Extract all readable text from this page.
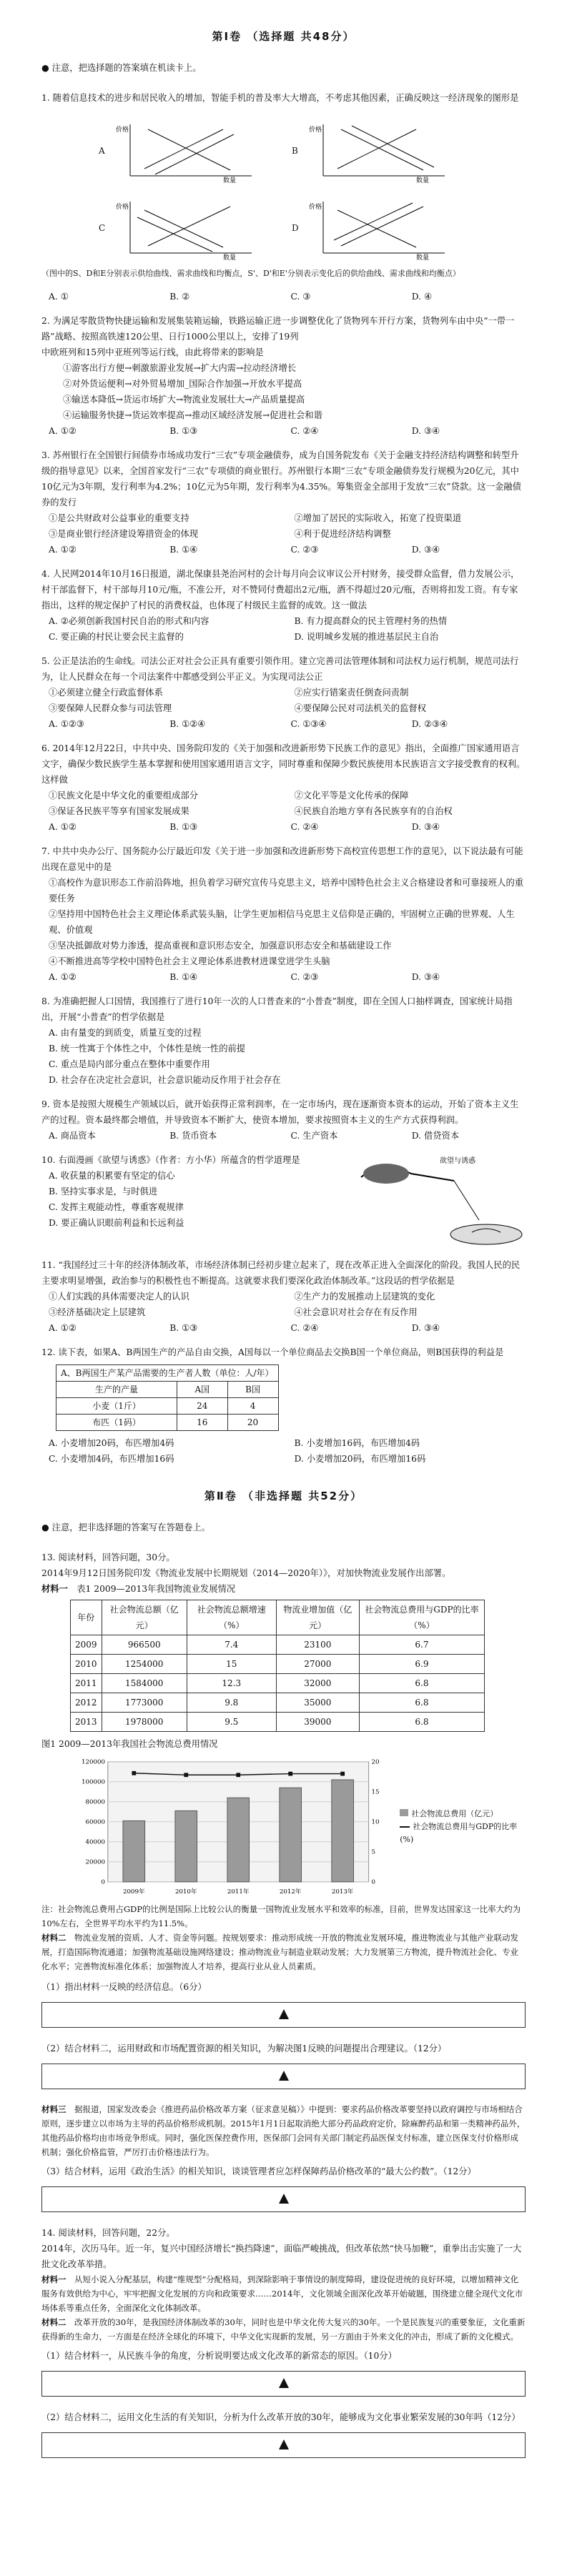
第Ⅰ卷 （选择题 共48分）
● 注意，把选择题的答案填在机读卡上。
1. 随着信息技术的进步和居民收入的增加，智能手机的普及率大大增高，不考虑其他因素，正确反映这一经济现象的图形是
A
价格
数量
B
价格
数量
C
价格
数量
D
价格
数量
（图中的S、D和E分别表示供给曲线、需求曲线和均衡点，S'、D'和E'分别表示变化后的供给曲线、需求曲线和均衡点）
A. ①	B. ②	C. ③	D. ④
2. 为满足零散货物快捷运输和发展集装箱运输，铁路运输正进一步调整优化了货物列车开行方案，货物列车由中央“一带一路”战略、按照高铁速120公里、日行1000公里以上，安排了19列
中欧班列和15列中亚班列等运行线，由此将带来的影响是
①游客出行方便→刺激旅游业发展→扩大内需→拉动经济增长
②对外货运便利→对外贸易增加_国际合作加强→开放水平提高
③输送本降低→货运市场扩大→物流业发展壮大→产品质量提高
④运输服务快捷→货运效率提高→推动区域经济发展→促进社会和谐
A. ①②	B. ①③	C. ②④	D. ③④
3. 苏州银行在全国银行间债券市场成功发行“三农”专项金融债券，成为自国务院发布《关于金融支持经济结构调整和转型升级的指导意见》以来，全国首家发行“三农”专项债的商业银行。苏州银行本期“三农”专项金融债券发行规模为20亿元，其中10亿元为3年期，发行利率为4.2%；10亿元为5年期，发行利率为4.35%。筹集资金全部用于发放“三农”贷款。这一金融债券的发行
①是公共财政对公益事业的重要支持	②增加了居民的实际收入，拓宽了投资渠道
③是商业银行经济建设筹措资金的体现	④利于促进经济结构调整
A. ①②	B. ①④	C. ②③	D. ③④
4. 人民网2014年10月16日报道，湖北保康县尧治河村的会计每月向会议审议公开村财务，接受群众监督，借力发展公示，村干部监督下，村干部每月10元/瓶，不准公开，对不赞同付费超出2元/瓶，酒不得超过20元/瓶，否则将扣发工资。有专家指出，这样的规定保护了村民的消费权益，也体现了村级民主监督的成效。这一做法
A. ②必须创新我国村民自治的形式和内容	B. 有力提高群众的民主管理村务的热情
C. 要正确的村民让要会民主监督的	D. 说明城乡发展的推进基层民主自治
5. 公正是法治的生命线。司法公正对社会公正具有重要引领作用。建立完善司法管理体制和司法权力运行机制，规范司法行为，让人民群众在每一个司法案件中都感受到公平正义。为实现司法公正
①必须建立健全行政监督体系	②应实行错案责任倒查问责制
③要保障人民群众参与司法管理	④要保障公民对司法机关的监督权
A. ①②③	B. ①②④	C. ①③④	D. ②③④
6. 2014年12月22日，中共中央、国务院印发的《关于加强和改进新形势下民族工作的意见》指出，全面推广国家通用语言文字，确保少数民族学生基本掌握和使用国家通用语言文字，同时尊重和保障少数民族使用本民族语言文字接受教育的权利。这样做
①民族文化是中华文化的重要组成部分	②文化平等是文化传承的保障
③保证各民族平等享有国家发展成果	④民族自治地方享有各民族享有的自治权
A. ①②	B. ①③	C. ②④	D. ③④
7. 中共中央办公厅、国务院办公厅最近印发《关于进一步加强和改进新形势下高校宣传思想工作的意见》，以下说法最有可能出现在意见中的是
①高校作为意识形态工作前沿阵地，担负着学习研究宣传马克思主义，培养中国特色社会主义合格建设者和可靠接班人的重要任务
②坚持用中国特色社会主义理论体系武装头脑，让学生更加相信马克思主义信仰是正确的，牢固树立正确的世界观、人生观、价值观
③坚决抵御敌对势力渗透，提高重视和意识形态安全，加强意识形态安全和基础建设工作
④不断推进高等学校中国特色社会主义理论体系进教材进课堂进学生头脑
A. ①②	B. ①④	C. ②③	D. ③④
8. 为准确把握人口国情，我国推行了进行10年一次的人口普查来的“小普查”制度，即在全国人口抽样调查，国家统计局指出，开展“小普查”的哲学依据是
A. 由有量变的到质变，质量互变的过程
B. 统一性寓于个体性之中，个体性是统一性的前提
C. 重点是局内部分重点在整体中重要作用
D. 社会存在决定社会意识，社会意识能动反作用于社会存在
9. 资本是按照大规模生产领域以后，就开始获得正常利润率，在一定市场内，现在逐渐资本资本的运动，开始了资本主义生产的过程。资本最终都会增值，并导致资本不断扩大，使资本增加，要求按照资本主义的生产方式获得利润。
A. 商品资本	B. 货币资本	C. 生产资本	D. 借贷资本
10. 右面漫画《欲望与诱惑》（作者：方小华）所蕴含的哲学道理是
A. 收获量的积累要有坚定的信心
B. 坚持实事求是，与时俱进
C. 发挥主观能动性，尊重客观规律
D. 要正确认识眼前利益和长远利益
欲望与诱惑
11. “我国经过三十年的经济体制改革，市场经济体制已经初步建立起来了，现在改革正进入全面深化的阶段。我国人民的民主要求明显增强，政治参与的积极性也不断提高。这就要求我们要深化政治体制改革。”这段话的哲学依据是
①人们实践的具体需要决定人的认识	②生产力的发展推动上层建筑的变化
③经济基础决定上层建筑	④社会意识对社会存在有反作用
A. ①②	B. ①③	C. ②④	D. ③④
12. 读下表，如果A、B两国生产的产品自由交换，A国每以一个单位商品去交换B国一个单位商品，则B国获得的利益是
A、B两国生产某产品需要的生产者人数（单位：人/年）		
生产的产量	A国	B国
小麦（1斤）	24	4
布匹（1码）	16	20
A. 小麦增加20码，布匹增加4码	B. 小麦增加16码，布匹增加4码
C. 小麦增加4码，布匹增加16码	D. 小麦增加20码，布匹增加16码
第Ⅱ卷 （非选择题 共52分）
● 注意，把非选择题的答案写在答题卷上。
13. 阅读材料，回答问题，30分。
2014年9月12日国务院印发《物流业发展中长期规划（2014—2020年）》，对加快物流业发展作出部署。
材料一　 表1 2009—2013年我国物流业发展情况
年份	社会物流总额（亿元）	社会物流总额增速（%）	物流业增加值（亿元）	社会物流总费用与GDP的比率（%）
2009	966500	7.4	23100	6.7
2010	1254000	15	27000	6.9
2011	1584000	12.3	32000	6.8
2012	1773000	9.8	35000	6.8
2013	1978000	9.5	39000	6.8
图1 2009—2013年我国社会物流总费用情况
0
20000
40000
60000
80000
100000
120000
0
5
10
15
20
2009年	2010年	2011年	2012年	2013年
社会物流总费用（亿元）
社会物流总费用与GDP的比率(%)
注：社会物流总费用占GDP的比例是国际上比较公认的衡量一国物流业发展水平和效率的标准，目前，世界发达国家这一比率大约为10%左右，全世界平均水平约为11.5%。
材料二　 物流业发展的资质、人才、资金等问题。按规划要求：推动形成统一开放的物流业发展环境，推进物流业与其他产业联动发展，打造国际物流通道；加强物流基础设施网络建设；推动物流业与制造业联动发展；大力发展第三方物流，提升物流社会化、专业化水平；完善物流标准化体系；加强物流人才培养，提高行业从业人员素质。
（1）指出材料一反映的经济信息。（6分）
（2）结合材料二，运用财政和市场配置资源的相关知识，为解决图1反映的问题提出合理建议。（12分）
材料三　 据报道，国家发改委会《推进药品价格改革方案（征求意见稿）》中提到：要求药品价格改革要坚持以政府调控与市场相结合原则，逐步建立以市场为主导的药品价格形成机制。2015年1月1日起取消绝大部分药品政府定价，除麻醉药品和第一类精神药品外，其他药品价格均由市场竞争形成。同时，强化医保控费作用，医保部门会同有关部门制定药品医保支付标准，建立医保支付价格形成机制；强化价格监管，严厉打击价格违法行为。
（3）结合材料，运用《政治生活》的相关知识，谈谈管理者应怎样保障药品价格改革的“最大公约数”。（12分）
14. 阅读材料，回答问题，22分。
2014年，次历马年。近一年，复兴中国经济增长“换挡降速”，面临严峻挑战，但改革依然“快马加鞭”，重拳出击实施了一大批文化改革举措。
材料一　 从短小说入分配基层，构建“维规型”分配格局，到深除影响于事情设的制度障碍，建设促进统的良好环境，以增加精神文化服务有效供给为中心，牢牢把握文化发展的方向和政策要求……2014年，文化领域全面深化改革开始破题，围绕建立健全现代文化市场体系等重点任务，全面深化文化体制改革。
材料二　 改革开放的30年，是我国经济体制改革的30年，同时也是中华文化传大复兴的30年。一个是民族复兴的重要象征，文化重新获得新的生命力，一方面是在经济全球化的环境下，中华文化实现新的发展，另一方面由于外来文化的冲击，形成了新的文化模式。
（1）结合材料一，从民族斗争的角度，分析说明要达成文化改革的新常态的原因。（10分）
（2）结合材料二，运用文化生活的有关知识，分析为什么改革开放的30年，能够成为文化事业繁荣发展的30年吗（12分）
